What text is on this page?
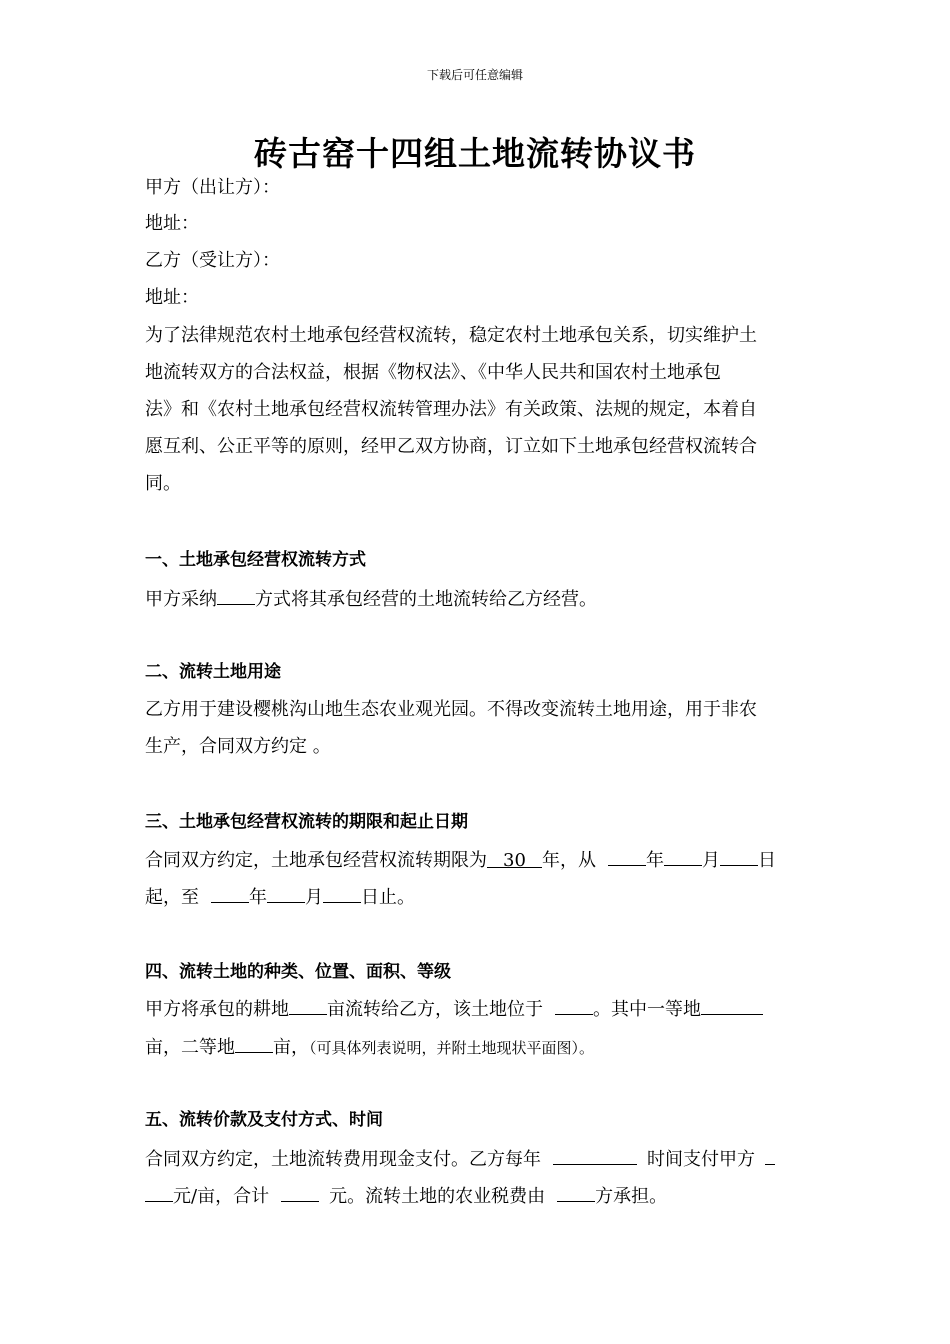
下载后可任意编辑
砖古窑十四组土地流转协议书
甲方（出让方）：
地址：
乙方（受让方）：
地址：
为了法律规范农村土地承包经营权流转，稳定农村土地承包关系，切实维护土
地流转双方的合法权益，根据《物权法》、《中华人民共和国农村土地承包
法》和《农村土地承包经营权流转管理办法》有关政策、法规的规定，本着自
愿互利、公正平等的原则，经甲乙双方协商，订立如下土地承包经营权流转合
同。
一、土地承包经营权流转方式
甲方采纳 方式将其承包经营的土地流转给乙方经营。
二、流转土地用途
乙方用于建设樱桃沟山地生态农业观光园。不得改变流转土地用途，用于非农
生产，合同双方约定 。
三、土地承包经营权流转的期限和起止日期
合同双方约定，土地承包经营权流转期限为 30 年，从	年 月 日
起，至	年 月 日止。
四、流转土地的种类、位置、面积、等级
甲方将承包的耕地 亩流转给乙方，该土地位于	。其中一等地
亩，二等地 亩，（可具体列表说明，并附土地现状平面图）。
五、流转价款及支付方式、时间
合同双方约定，土地流转费用现金支付。乙方每年	时间支付甲方
元/亩，合计	元。流转土地的农业税费由	方承担。
